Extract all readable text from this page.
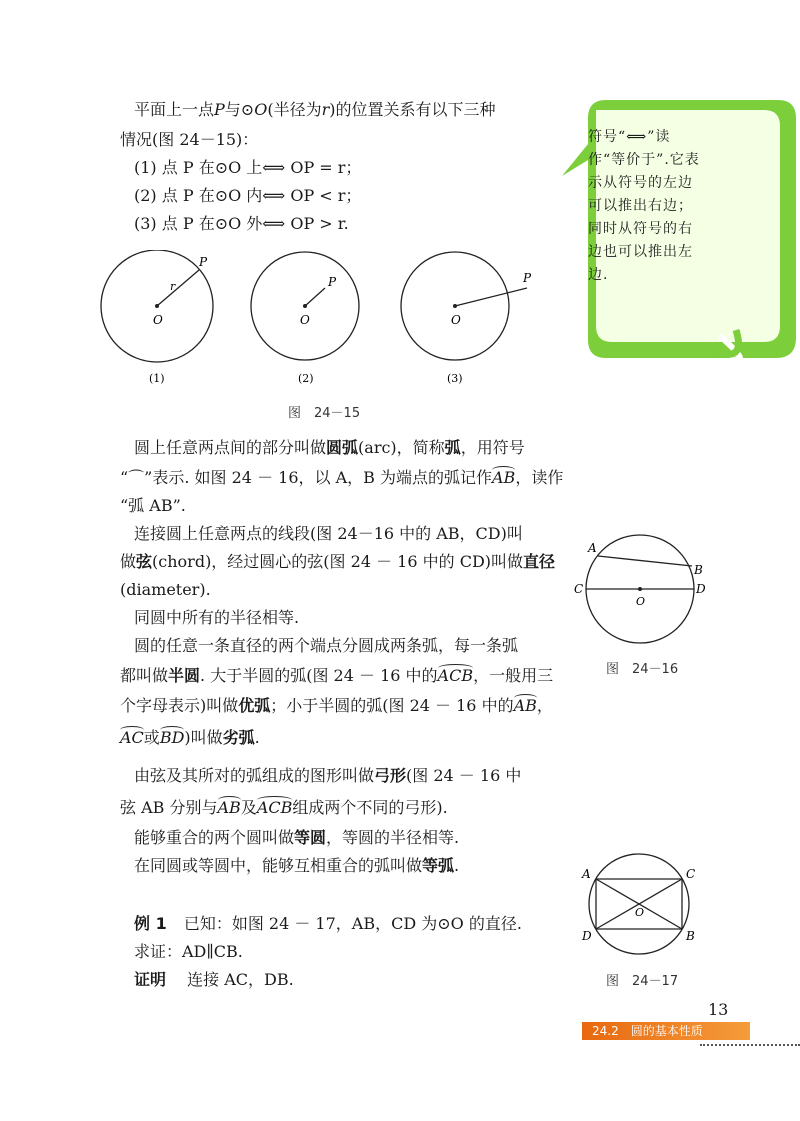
平面上一点P与⊙O(半径为r)的位置关系有以下三种
情况(图 24－15)：
(1) 点 P 在⊙O 上⟺ OP = r；
(2) 点 P 在⊙O 内⟺ OP < r；
(3) 点 P 在⊙O 外⟺ OP > r.
符号“⟺”读作“等价于”.它表示从符号的左边可以推出右边；同时从符号的右边也可以推出左边.
P
r
O
P
O
P
O
(1)	(2)	(3)
图　24－15
圆上任意两点间的部分叫做圆弧(arc)，简称弧，用符号
“⌒”表示. 如图 24 － 16，以 A，B 为端点的弧记作AB，读作
“弧 AB”.
连接圆上任意两点的线段(图 24－16 中的 AB，CD)叫
做弦(chord)，经过圆心的弦(图 24 － 16 中的 CD)叫做直径
(diameter).
同圆中所有的半径相等.
圆的任意一条直径的两个端点分圆成两条弧，每一条弧
都叫做半圆. 大于半圆的弧(图 24 － 16 中的ACB，一般用三
个字母表示)叫做优弧；小于半圆的弧(图 24 － 16 中的AB，
AC或BD)叫做劣弧.
由弦及其所对的弧组成的图形叫做弓形(图 24 － 16 中
弦 AB 分别与AB及ACB组成两个不同的弓形).
能够重合的两个圆叫做等圆，等圆的半径相等.
在同圆或等圆中，能够互相重合的弧叫做等弧.
例 1 已知：如图 24 － 17，AB，CD 为⊙O 的直径.
求证：AD∥CB.
证明 连接 AC，DB.
A
B
C	D
O
图　24－16
A	C
D	B
O
图　24－17
13
24.2　圆的基本性质
